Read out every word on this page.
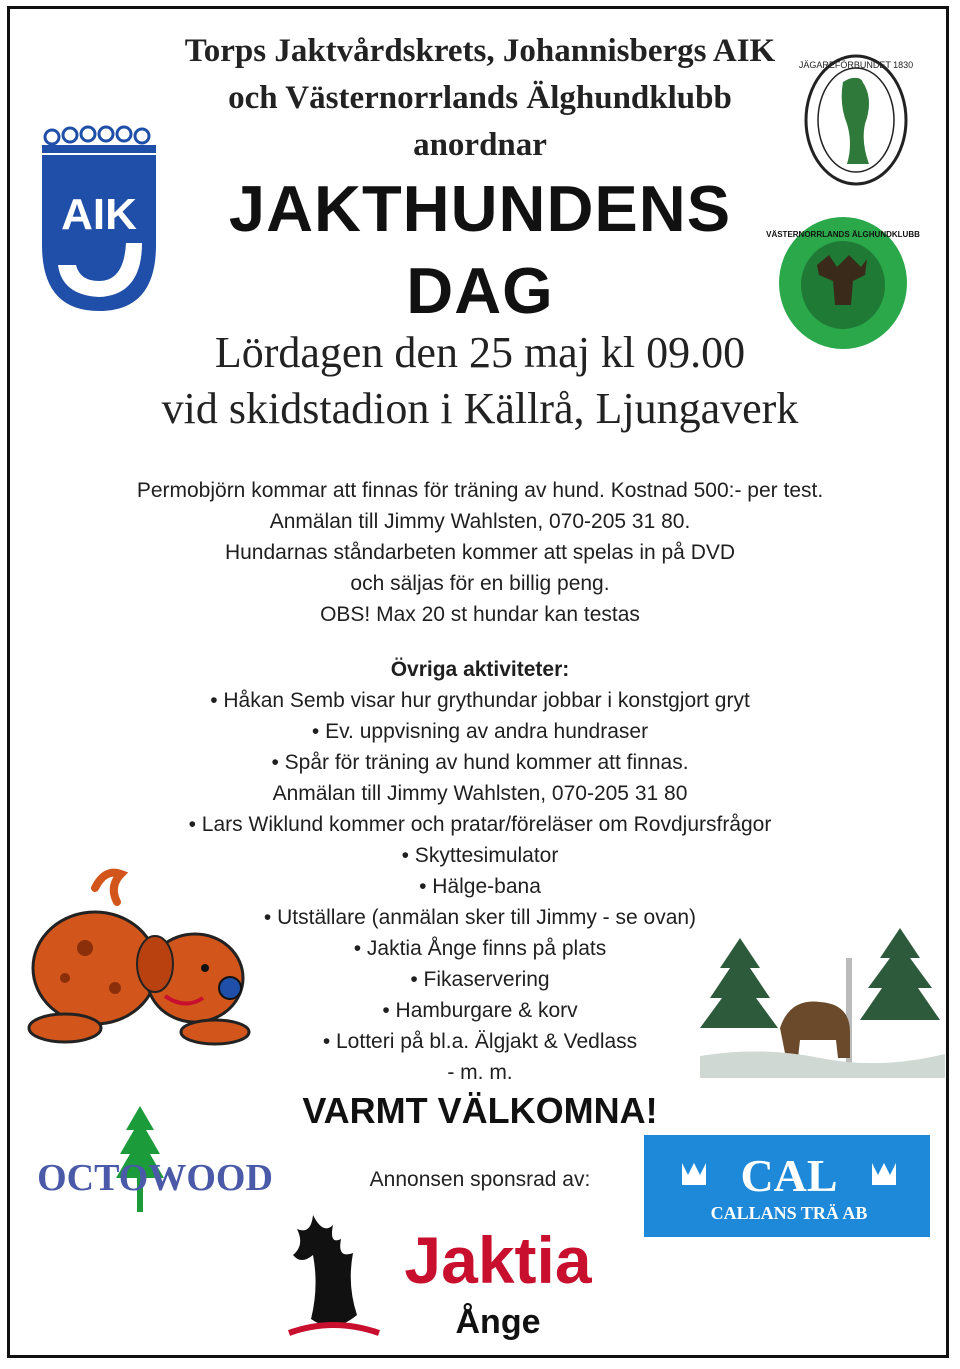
Torps Jaktvårdskrets, Johannisbergs AIK
och Västernorrlands Älghundklubb
anordnar
AIK
JÄGAREFÖRBUNDET 1830
VÄSTERNORRLANDS ÄLGHUNDKLUBB
JAKTHUNDENS
DAG
Lördagen den 25 maj kl 09.00
vid skidstadion i Källrå, Ljungaverk
Permobjörn kommar att finnas för träning av hund. Kostnad 500:- per test.
Anmälan till Jimmy Wahlsten, 070-205 31 80.
Hundarnas ståndarbeten kommer att spelas in på DVD
och säljas för en billig peng.
OBS! Max 20 st hundar kan testas
Övriga aktiviteter:
• Håkan Semb visar hur grythundar jobbar i konstgjort gryt
• Ev. uppvisning av andra hundraser
• Spår för träning av hund kommer att finnas.
Anmälan till Jimmy Wahlsten, 070-205 31 80
• Lars Wiklund kommer och pratar/föreläser om Rovdjursfrågor
• Skyttesimulator
• Hälge-bana
• Utställare (anmälan sker till Jimmy - se ovan)
• Jaktia Ånge finns på plats
• Fikaservering
• Hamburgare & korv
• Lotteri på bl.a. Älgjakt & Vedlass
- m. m.
VARMT VÄLKOMNA!
OCTOWOOD	Annonsen sponsrad av:	CAL
CALLANS TRÄ AB
Jaktia
Ånge
